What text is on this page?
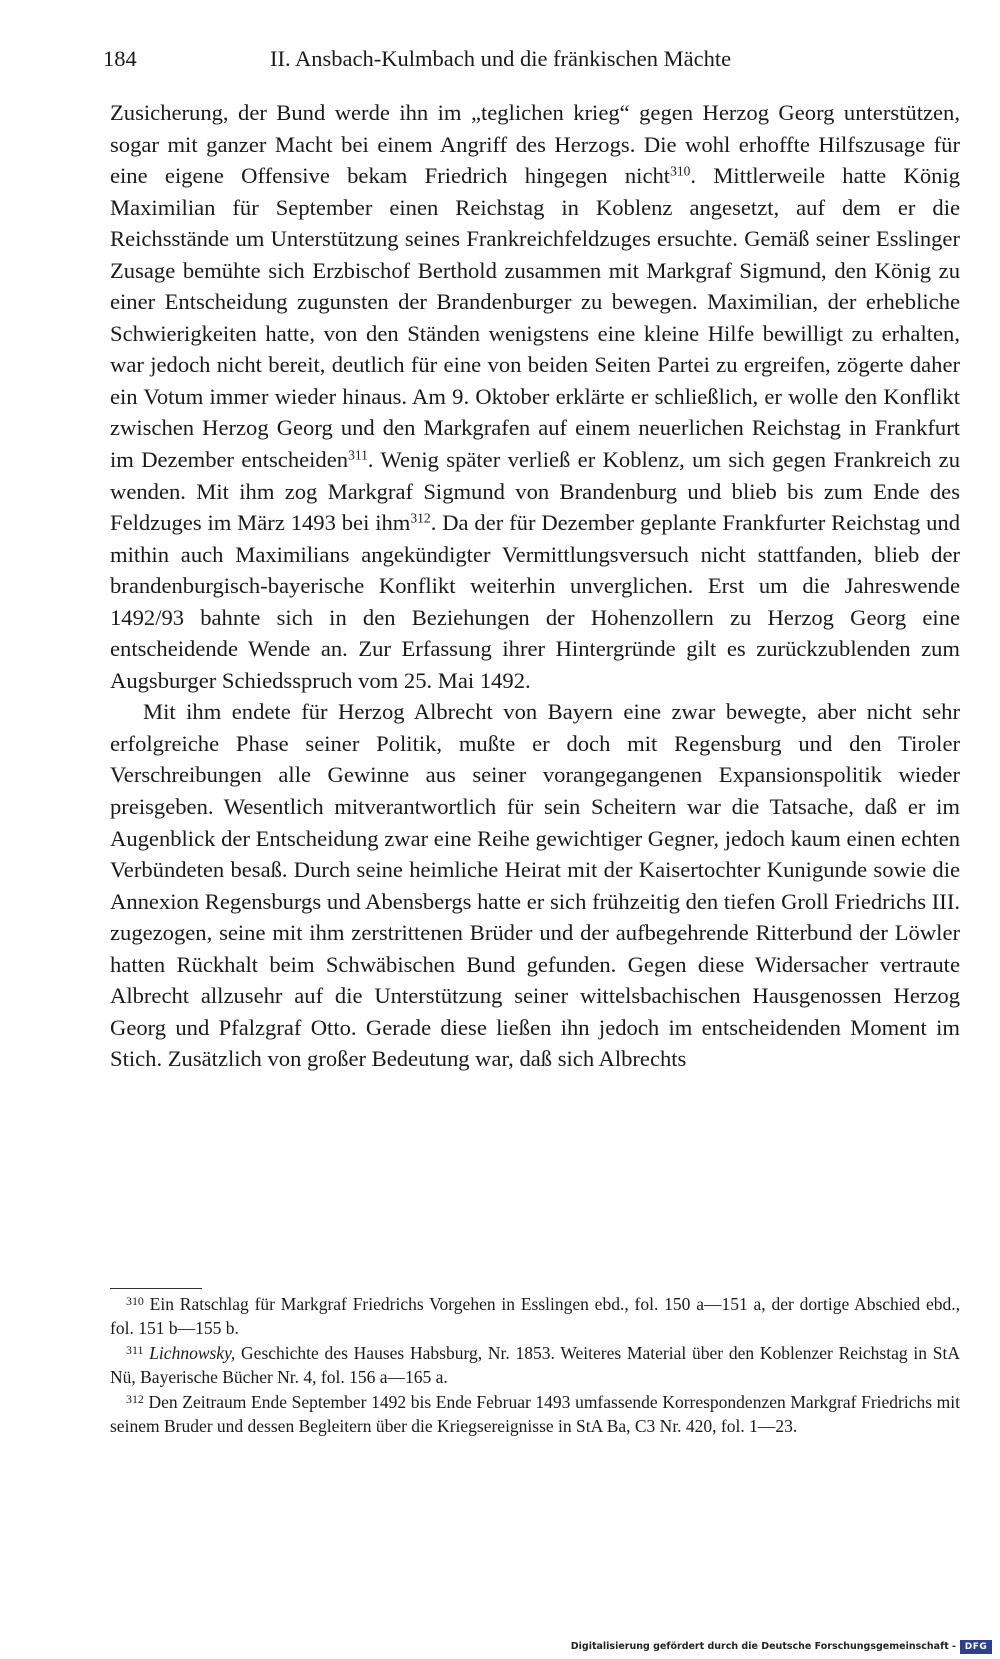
184	II. Ansbach-Kulmbach und die fränkischen Mächte

Zusicherung, der Bund werde ihn im „teglichen krieg“ gegen Herzog Georg unterstützen, sogar mit ganzer Macht bei einem Angriff des Herzogs. Die wohl erhoffte Hilfszusage für eine eigene Offensive bekam Friedrich hingegen nicht$^{310}$. Mittlerweile hatte König Maximilian für September einen Reichstag in Koblenz angesetzt, auf dem er die Reichsstände um Unterstützung seines Frankreichfeldzuges ersuchte. Gemäß seiner Esslinger Zusage bemühte sich Erzbischof Berthold zusammen mit Markgraf Sigmund, den König zu einer Entscheidung zugunsten der Brandenburger zu bewegen. Maximilian, der erhebliche Schwierigkeiten hatte, von den Ständen wenigstens eine kleine Hilfe bewilligt zu erhalten, war jedoch nicht bereit, deutlich für eine von beiden Seiten Partei zu ergreifen, zögerte daher ein Votum immer wieder hinaus. Am 9. Oktober erklärte er schließlich, er wolle den Konflikt zwischen Herzog Georg und den Markgrafen auf einem neuerlichen Reichstag in Frankfurt im Dezember entscheiden$^{311}$. Wenig später verließ er Koblenz, um sich gegen Frankreich zu wenden. Mit ihm zog Markgraf Sigmund von Brandenburg und blieb bis zum Ende des Feldzuges im März 1493 bei ihm$^{312}$. Da der für Dezember geplante Frankfurter Reichstag und mithin auch Maximilians angekündigter Vermittlungsversuch nicht stattfanden, blieb der brandenburgisch-bayerische Konflikt weiterhin unverglichen. Erst um die Jahreswende 1492/93 bahnte sich in den Beziehungen der Hohenzollern zu Herzog Georg eine entscheidende Wende an. Zur Erfassung ihrer Hintergründe gilt es zurückzublenden zum Augsburger Schiedsspruch vom 25. Mai 1492.

Mit ihm endete für Herzog Albrecht von Bayern eine zwar bewegte, aber nicht sehr erfolgreiche Phase seiner Politik, mußte er doch mit Regensburg und den Tiroler Verschreibungen alle Gewinne aus seiner vorangegangenen Expansionspolitik wieder preisgeben. Wesentlich mitverantwortlich für sein Scheitern war die Tatsache, daß er im Augenblick der Entscheidung zwar eine Reihe gewichtiger Gegner, jedoch kaum einen echten Verbündeten besaß. Durch seine heimliche Heirat mit der Kaisertochter Kunigunde sowie die Annexion Regensburgs und Abensbergs hatte er sich frühzeitig den tiefen Groll Friedrichs III. zugezogen, seine mit ihm zerstrittenen Brüder und der aufbegehrende Ritterbund der Löwler hatten Rückhalt beim Schwäbischen Bund gefunden. Gegen diese Widersacher vertraute Albrecht allzusehr auf die Unterstützung seiner wittelsbachischen Hausgenossen Herzog Georg und Pfalzgraf Otto. Gerade diese ließen ihn jedoch im entscheidenden Moment im Stich. Zusätzlich von großer Bedeutung war, daß sich Albrechts

$^{310}$ Ein Ratschlag für Markgraf Friedrichs Vorgehen in Esslingen ebd., fol. 150 a—151 a, der dortige Abschied ebd., fol. 151 b—155 b.

$^{311}$ Lichnowsky, Geschichte des Hauses Habsburg, Nr. 1853. Weiteres Material über den Koblenzer Reichstag in StA Nü, Bayerische Bücher Nr. 4, fol. 156 a—165 a.

$^{312}$ Den Zeitraum Ende September 1492 bis Ende Februar 1493 umfassende Korrespondenzen Markgraf Friedrichs mit seinem Bruder und dessen Begleitern über die Kriegsereignisse in StA Ba, C3 Nr. 420, fol. 1—23.

Digitalisierung gefördert durch die Deutsche Forschungsgemeinschaft - DFG
